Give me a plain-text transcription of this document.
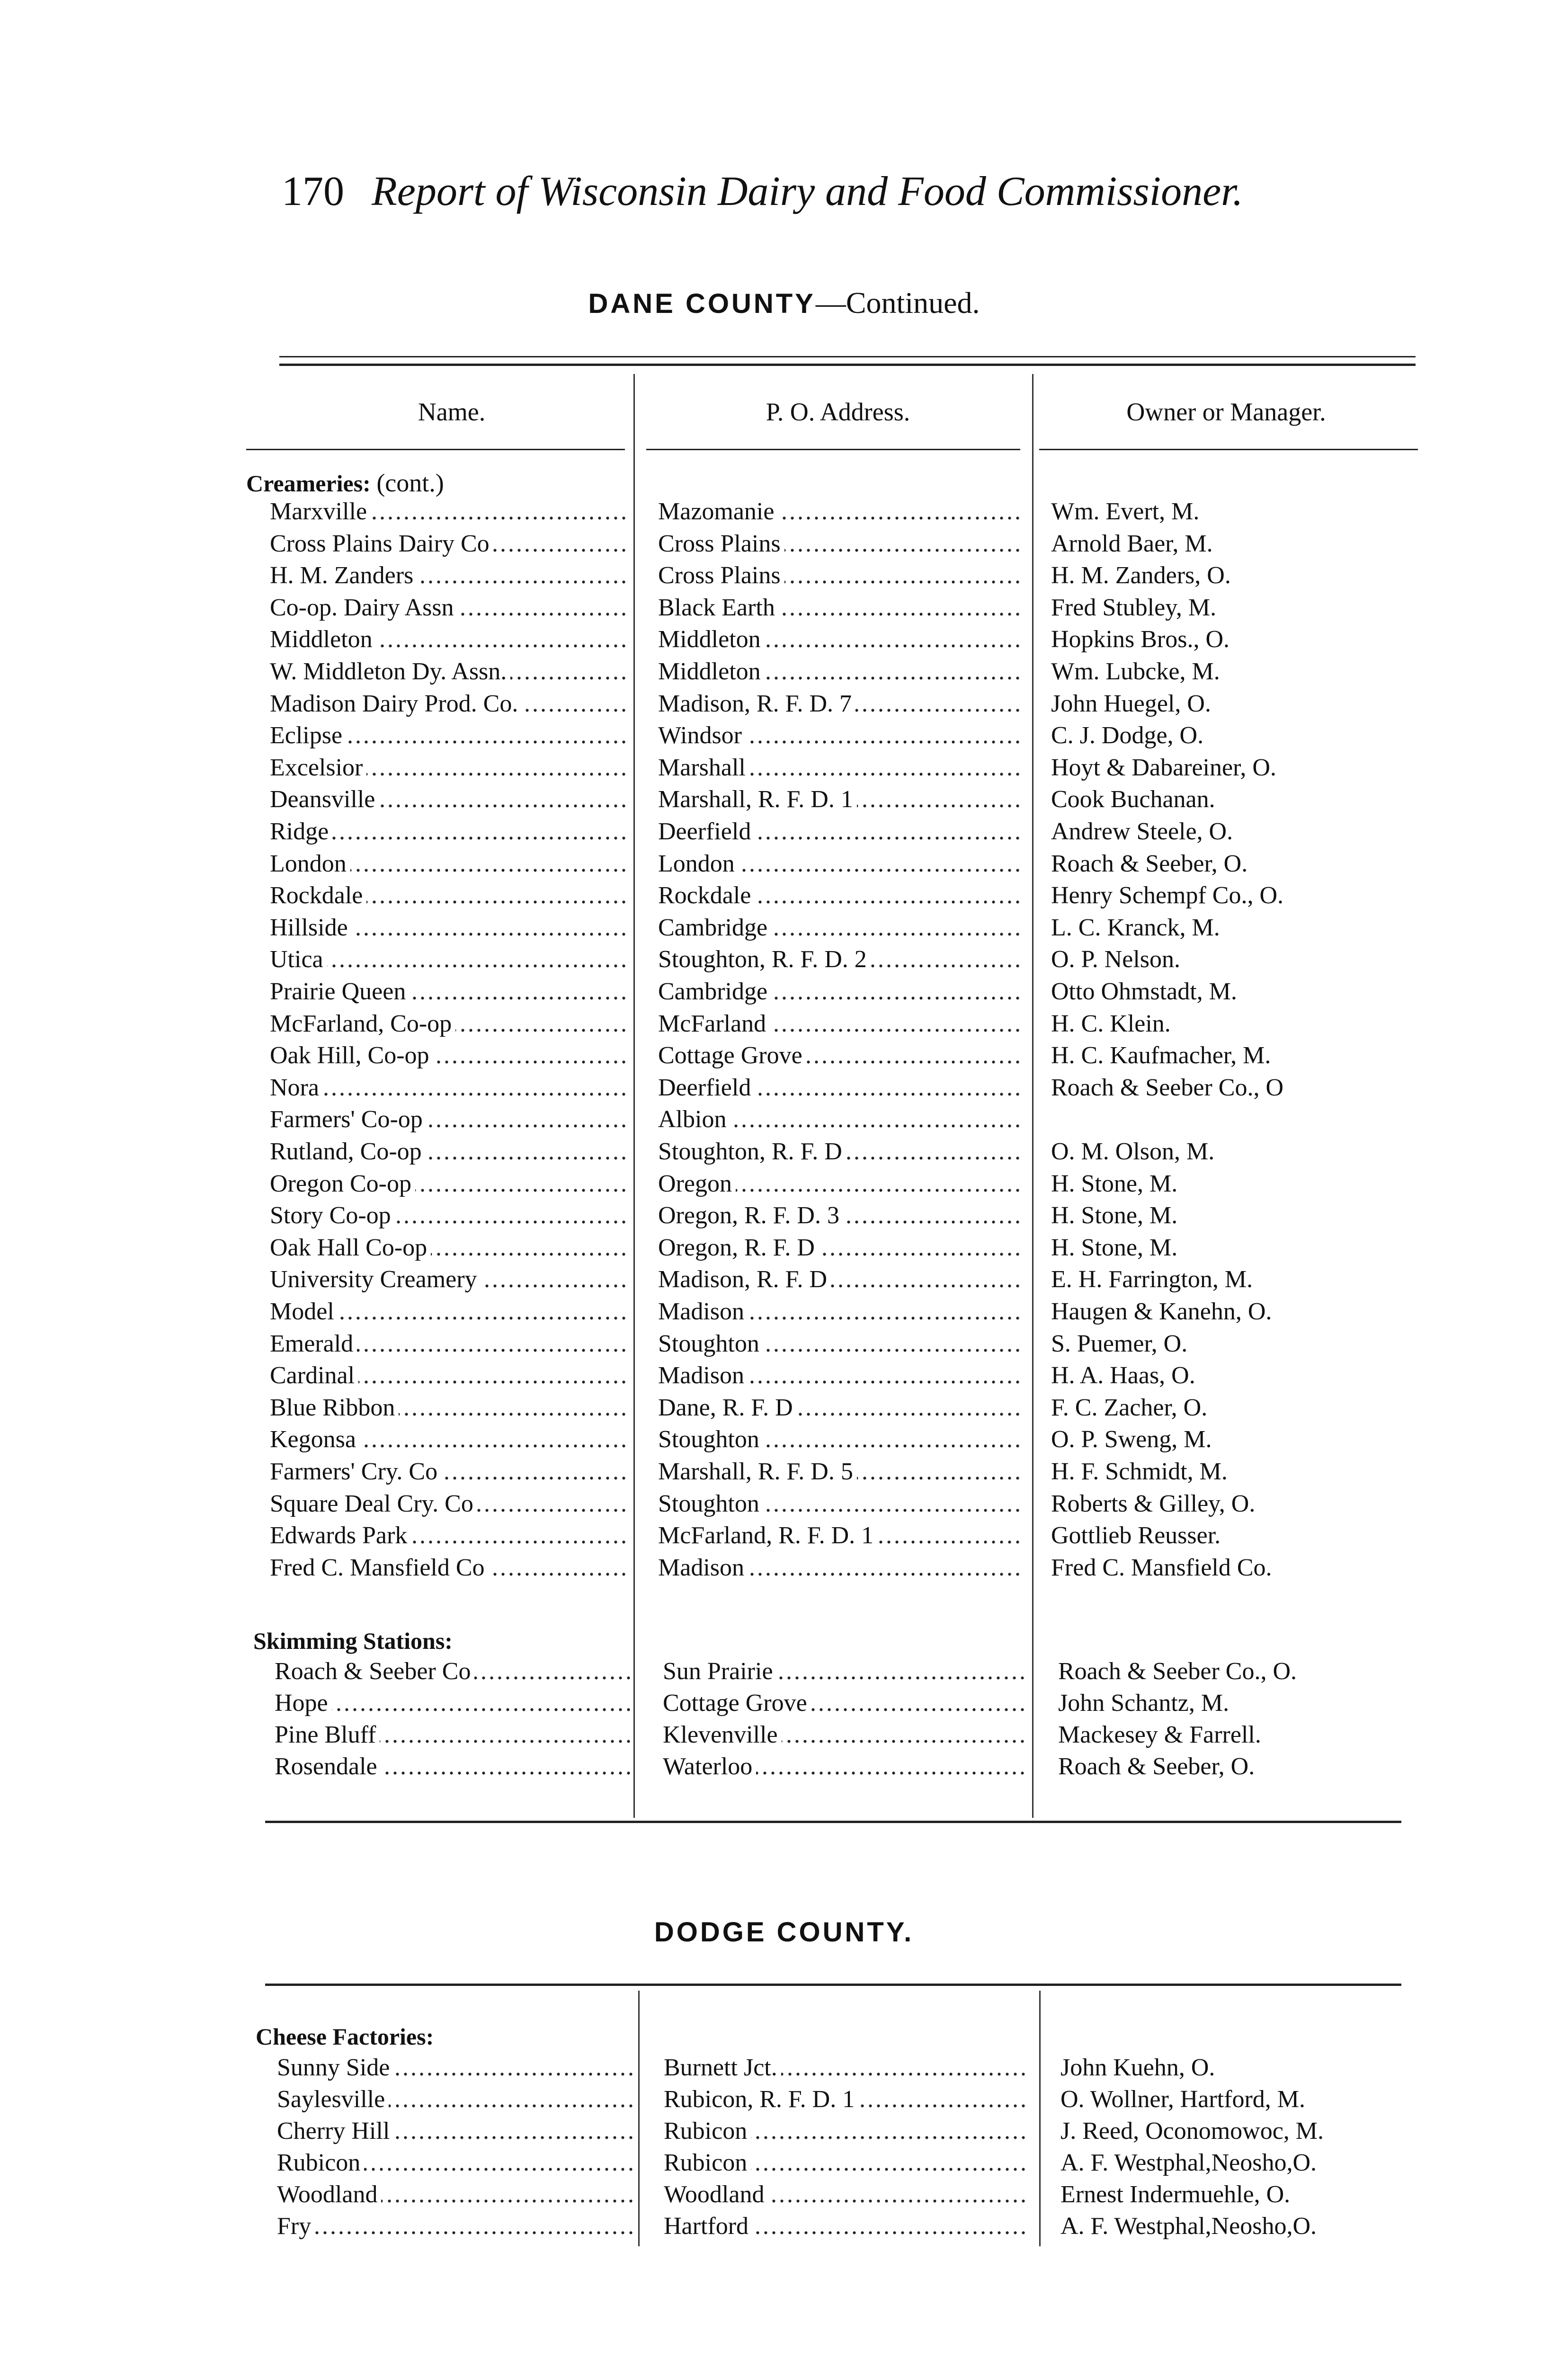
170 Report of Wisconsin Dairy and Food Commissioner.
DANE COUNTY—Continued.
Name.	P. O. Address.	Owner or Manager.
Creameries: (cont.)
Marxville .....	Mazomanie .....	Wm. Evert, M.
Cross Plains Dairy Co .....	Cross Plains .....	Arnold Baer, M.
H. M. Zanders .....	Cross Plains .....	H. M. Zanders, O.
Co-op. Dairy Assn .....	Black Earth .....	Fred Stubley, M.
Middleton .....	Middleton .....	Hopkins Bros., O.
W. Middleton Dy. Assn. .....	Middleton .....	Wm. Lubcke, M.
Madison Dairy Prod. Co. .....	Madison, R. F. D. 7 .....	John Huegel, O.
Eclipse .....	Windsor .....	C. J. Dodge, O.
Excelsior .....	Marshall .....	Hoyt & Dabareiner, O.
Deansville .....	Marshall, R. F. D. 1 .....	Cook Buchanan.
Ridge .....	Deerfield .....	Andrew Steele, O.
London .....	London .....	Roach & Seeber, O.
Rockdale .....	Rockdale .....	Henry Schempf Co., O.
Hillside .....	Cambridge .....	L. C. Kranck, M.
Utica .....	Stoughton, R. F. D. 2 .....	O. P. Nelson.
Prairie Queen .....	Cambridge .....	Otto Ohmstadt, M.
McFarland, Co-op .....	McFarland .....	H. C. Klein.
Oak Hill, Co-op .....	Cottage Grove .....	H. C. Kaufmacher, M.
Nora .....	Deerfield .....	Roach & Seeber Co., O
Farmers' Co-op .....	Albion .....
Rutland, Co-op .....	Stoughton, R. F. D .....	O. M. Olson, M.
Oregon Co-op .....	Oregon .....	H. Stone, M.
Story Co-op .....	Oregon, R. F. D. 3 .....	H. Stone, M.
Oak Hall Co-op .....	Oregon, R. F. D .....	H. Stone, M.
University Creamery .....	Madison, R. F. D .....	E. H. Farrington, M.
Model .....	Madison .....	Haugen & Kanehn, O.
Emerald .....	Stoughton .....	S. Puemer, O.
Cardinal .....	Madison .....	H. A. Haas, O.
Blue Ribbon .....	Dane, R. F. D .....	F. C. Zacher, O.
Kegonsa .....	Stoughton .....	O. P. Sweng, M.
Farmers' Cry. Co .....	Marshall, R. F. D. 5 .....	H. F. Schmidt, M.
Square Deal Cry. Co .....	Stoughton .....	Roberts & Gilley, O.
Edwards Park .....	McFarland, R. F. D. 1 .....	Gottlieb Reusser.
Fred C. Mansfield Co .....	Madison .....	Fred C. Mansfield Co.
Skimming Stations:
Roach & Seeber Co .....	Sun Prairie .....	Roach & Seeber Co., O.
Hope .....	Cottage Grove .....	John Schantz, M.
Pine Bluff .....	Klevenville .....	Mackesey & Farrell.
Rosendale .....	Waterloo .....	Roach & Seeber, O.
DODGE COUNTY.
Cheese Factories:
Sunny Side .....	Burnett Jct. .....	John Kuehn, O.
Saylesville .....	Rubicon, R. F. D. 1 .....	O. Wollner, Hartford, M.
Cherry Hill .....	Rubicon .....	J. Reed, Oconomowoc, M.
Rubicon .....	Rubicon .....	A. F. Westphal,Neosho,O.
Woodland .....	Woodland .....	Ernest Indermuehle, O.
Fry .....	Hartford .....	A. F. Westphal,Neosho,O.
